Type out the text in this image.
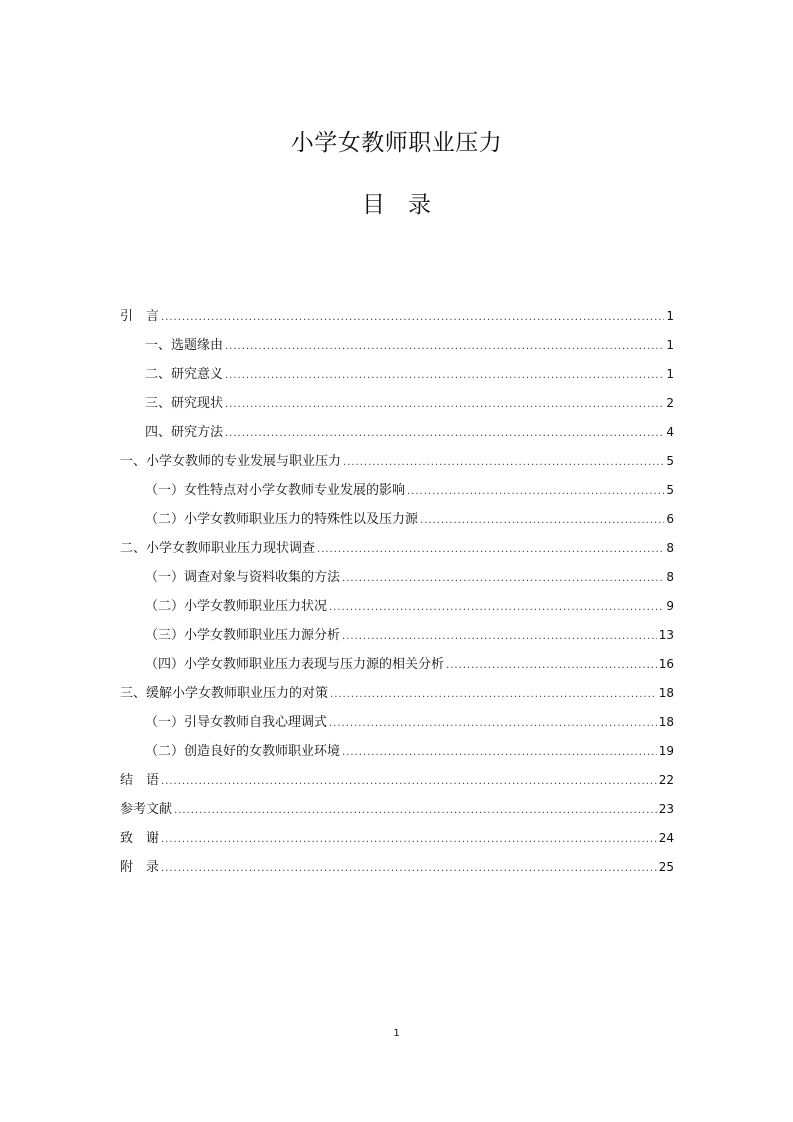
小学女教师职业压力
目　录
引　言 .....	1
一、选题缘由 .....	1
二、研究意义 .....	1
三、研究现状 .....	2
四、研究方法 .....	4
一、小学女教师的专业发展与职业压力 .....	5
（一）女性特点对小学女教师专业发展的影响 .....	5
（二）小学女教师职业压力的特殊性以及压力源 .....	6
二、小学女教师职业压力现状调查 .....	8
（一）调查对象与资料收集的方法 .....	8
（二）小学女教师职业压力状况 .....	9
（三）小学女教师职业压力源分析 .....	13
（四）小学女教师职业压力表现与压力源的相关分析 .....	16
三、缓解小学女教师职业压力的对策 .....	18
（一）引导女教师自我心理调式 .....	18
（二）创造良好的女教师职业环境 .....	19
结　语 .....	22
参考文献 .....	23
致　谢 .....	24
附　录 .....	25
1
